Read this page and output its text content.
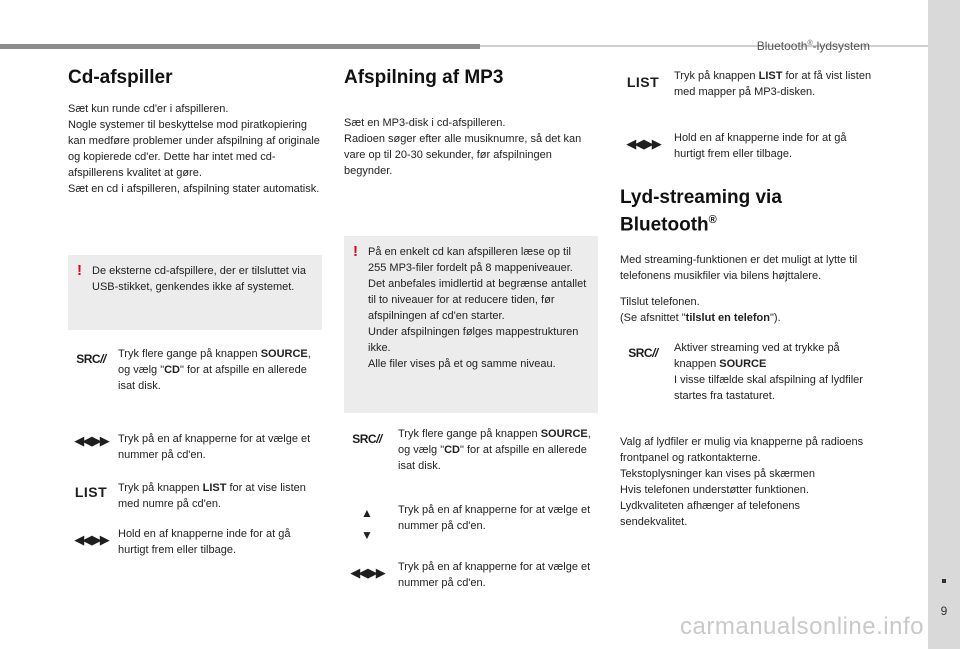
Bluetooth®-lydsystem
9
carmanualsonline.info
Cd-afspiller

Sæt kun runde cd'er i afspilleren.
Nogle systemer til beskyttelse mod piratkopiering kan medføre problemer under afspilning af originale og kopierede cd'er. Dette har intet med cd-afspillerens kvalitet at gøre.
Sæt en cd i afspilleren, afspilning stater automatisk.

! De eksterne cd-afspillere, der er tilsluttet via USB-stikket, genkendes ikke af systemet.
SRC// Tryk flere gange på knappen SOURCE, og vælg "CD" for at afspille en allerede isat disk.

◀◀ ▶▶ Tryk på en af knapperne for at vælge et nummer på cd'en.

LIST Tryk på knappen LIST for at vise listen med numre på cd'en.

◀◀ ▶▶ Hold en af knapperne inde for at gå hurtigt frem eller tilbage.

Afspilning af MP3

Sæt en MP3-disk i cd-afspilleren.
Radioen søger efter alle musiknumre, så det kan vare op til 20-30 sekunder, før afspilningen begynder.

! På en enkelt cd kan afspilleren læse op til 255 MP3-filer fordelt på 8 mappeniveauer. Det anbefales imidlertid at begrænse antallet til to niveauer for at reducere tiden, før afspilningen af cd'en starter.
Under afspilningen følges mappestrukturen ikke.
Alle filer vises på et og samme niveau.
SRC// Tryk flere gange på knappen SOURCE, og vælg "CD" for at afspille en allerede isat disk.

▲
▼

Tryk på en af knapperne for at vælge et nummer på cd'en.

◀◀ ▶▶ Tryk på en af knapperne for at vælge et nummer på cd'en.

LIST Tryk på knappen LIST for at få vist listen med mapper på MP3-disken.

◀◀ ▶▶ Hold en af knapperne inde for at gå hurtigt frem eller tilbage.

Lyd-streaming via
Bluetooth®

Med streaming-funktionen er det muligt at lytte til telefonens musikfiler via bilens højttalere.

Tilslut telefonen.
(Se afsnittet "tilslut en telefon").

SRC// Aktiver streaming ved at trykke på knappen SOURCE
I visse tilfælde skal afspilning af lydfiler startes fra tastaturet.

Valg af lydfiler er mulig via knapperne på radioens frontpanel og ratkontakterne.
Tekstoplysninger kan vises på skærmen
Hvis telefonen understøtter funktionen.
Lydkvaliteten afhænger af telefonens sendekvalitet.
